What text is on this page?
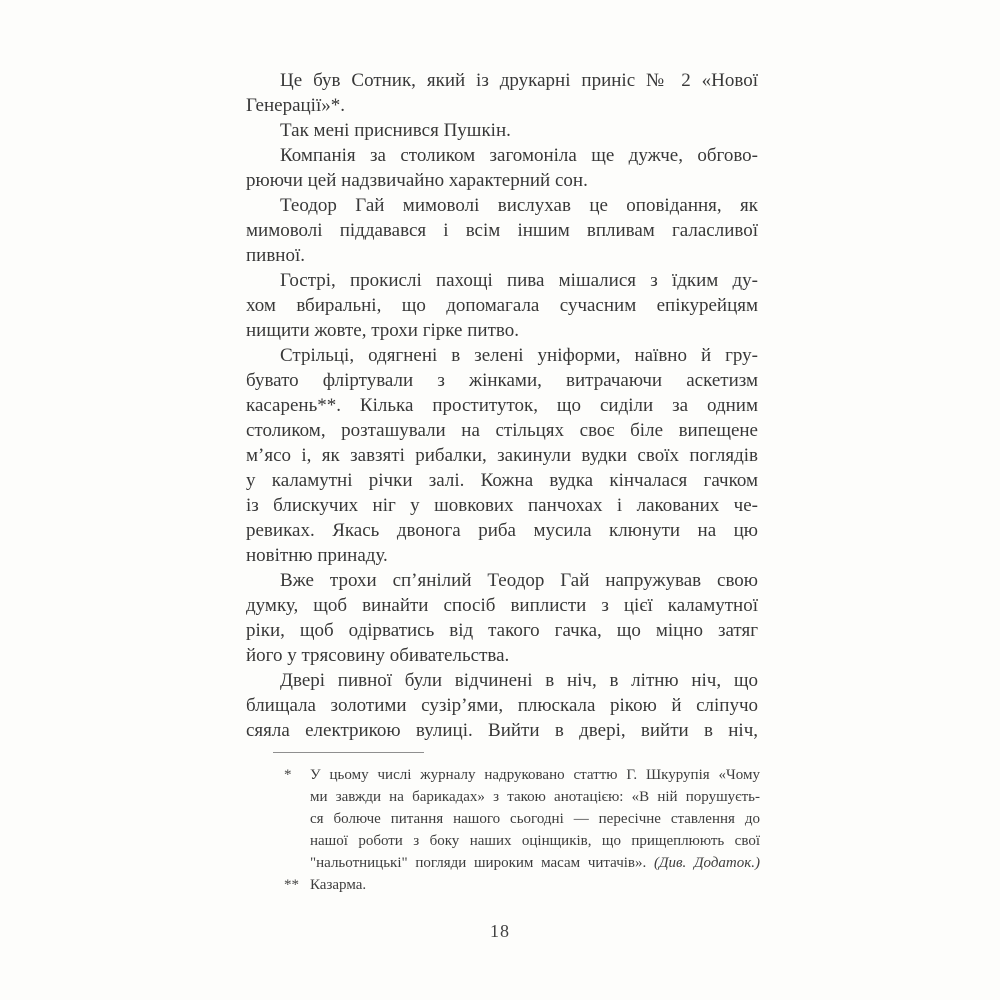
Це був Сотник, який із друкарні приніс № 2 «Нової
Генерації»*.
Так мені приснився Пушкін.
Компанія за столиком загомоніла ще дужче, обгово-
рюючи цей надзвичайно характерний сон.
Теодор Гай мимоволі вислухав це оповідання, як
мимоволі піддавався і всім іншим впливам галасливої
пивної.
Гострі, прокислі пахощі пива мішалися з їдким ду-
хом вбиральні, що допомагала сучасним епікурейцям
нищити жовте, трохи гірке питво.
Стрільці, одягнені в зелені уніформи, наївно й гру-
бувато фліртували з жінками, витрачаючи аскетизм
касарень**. Кілька проституток, що сиділи за одним
столиком, розташували на стільцях своє біле випещене
м’ясо і, як завзяті рибалки, закинули вудки своїх поглядів
у каламутні річки залі. Кожна вудка кінчалася гачком
із блискучих ніг у шовкових панчохах і лакованих че-
ревиках. Якась двонога риба мусила клюнути на цю
новітню принаду.
Вже трохи сп’янілий Теодор Гай напружував свою
думку, щоб винайти спосіб виплисти з цієї каламутної
ріки, щоб одірватись від такого гачка, що міцно затяг
його у трясовину обивательства.
Двері пивної були відчинені в ніч, в літню ніч, що
блищала золотими сузір’ями, плюскала рікою й сліпучо
сяяла електрикою вулиці. Вийти в двері, вийти в ніч,
*	У цьому числі журналу надруковано статтю Г. Шкурупія «Чому
ми завжди на барикадах» з такою анотацією: «В ній порушуєть-
ся болюче питання нашого сьогодні — пересічне ставлення до
нашої роботи з боку наших оцінщиків, що прищеплюють свої
"нальотницькі" погляди широким масам читачів». (Див. Додаток.)
** Казарма.
18
